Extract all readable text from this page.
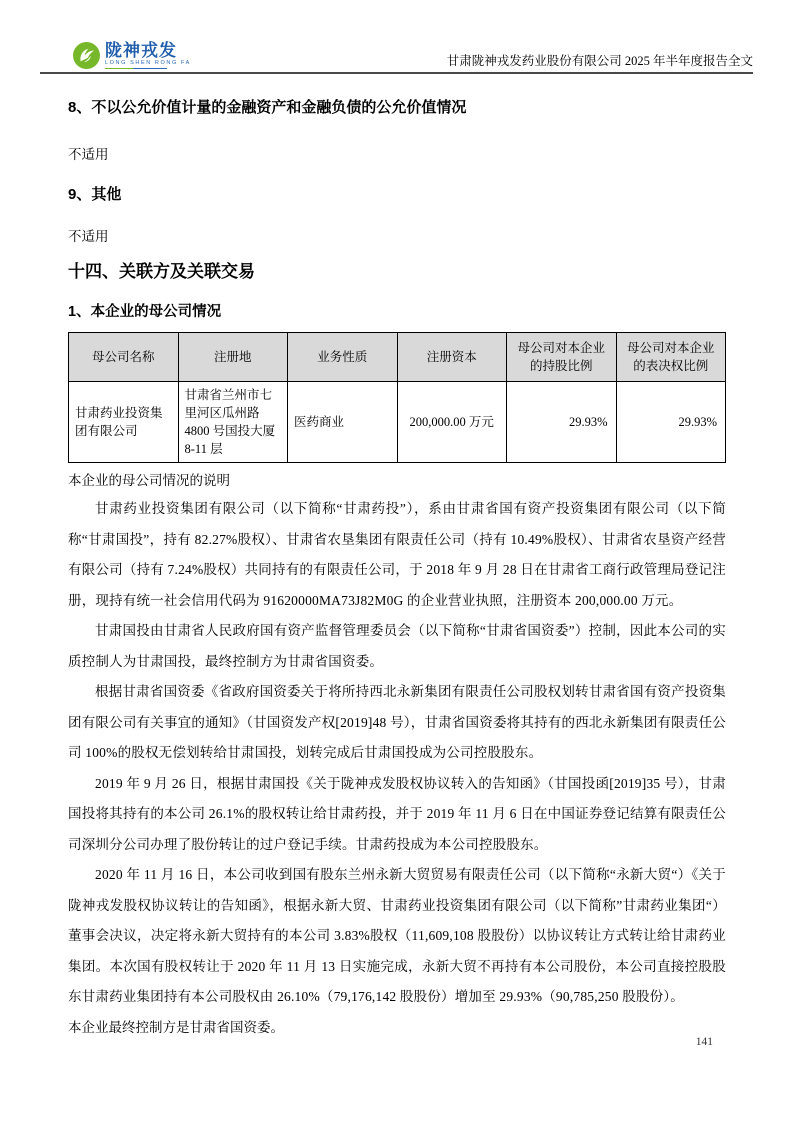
陇神戎发
LONG SHEN RONG FA	甘肃陇神戎发药业股份有限公司 2025 年半年度报告全文
8、不以公允价值计量的金融资产和金融负债的公允价值情况
不适用
9、其他
不适用
十四、关联方及关联交易
1、本企业的母公司情况
母公司名称	注册地	业务性质	注册资本	母公司对本企业的持股比例	母公司对本企业的表决权比例
甘肃药业投资集团有限公司	甘肃省兰州市七里河区瓜州路 4800 号国投大厦 8-11 层	医药商业	200,000.00 万元	29.93%	29.93%
本企业的母公司情况的说明

甘肃药业投资集团有限公司（以下简称“甘肃药投”），系由甘肃省国有资产投资集团有限公司（以下简称“甘肃国投”，持有 82.27%股权）、甘肃省农垦集团有限责任公司（持有 10.49%股权）、甘肃省农垦资产经营有限公司（持有 7.24%股权）共同持有的有限责任公司，于 2018 年 9 月 28 日在甘肃省工商行政管理局登记注册，现持有统一社会信用代码为 91620000MA73J82M0G 的企业营业执照，注册资本 200,000.00 万元。

甘肃国投由甘肃省人民政府国有资产监督管理委员会（以下简称“甘肃省国资委”）控制，因此本公司的实质控制人为甘肃国投，最终控制方为甘肃省国资委。

根据甘肃省国资委《省政府国资委关于将所持西北永新集团有限责任公司股权划转甘肃省国有资产投资集团有限公司有关事宜的通知》（甘国资发产权[2019]48 号），甘肃省国资委将其持有的西北永新集团有限责任公司 100%的股权无偿划转给甘肃国投，划转完成后甘肃国投成为公司控股股东。

2019 年 9 月 26 日，根据甘肃国投《关于陇神戎发股权协议转入的告知函》（甘国投函[2019]35 号），甘肃国投将其持有的本公司 26.1%的股权转让给甘肃药投，并于 2019 年 11 月 6 日在中国证券登记结算有限责任公司深圳分公司办理了股份转让的过户登记手续。甘肃药投成为本公司控股股东。

2020 年 11 月 16 日，本公司收到国有股东兰州永新大贸贸易有限责任公司（以下简称“永新大贸“）《关于陇神戎发股权协议转让的告知函》，根据永新大贸、甘肃药业投资集团有限公司（以下简称”甘肃药业集团“）董事会决议，决定将永新大贸持有的本公司 3.83%股权（11,609,108 股股份）以协议转让方式转让给甘肃药业集团。本次国有股权转让于 2020 年 11 月 13 日实施完成，永新大贸不再持有本公司股份，本公司直接控股股东甘肃药业集团持有本公司股权由 26.10%（79,176,142 股股份）增加至 29.93%（90,785,250 股股份）。

本企业最终控制方是甘肃省国资委。

141
